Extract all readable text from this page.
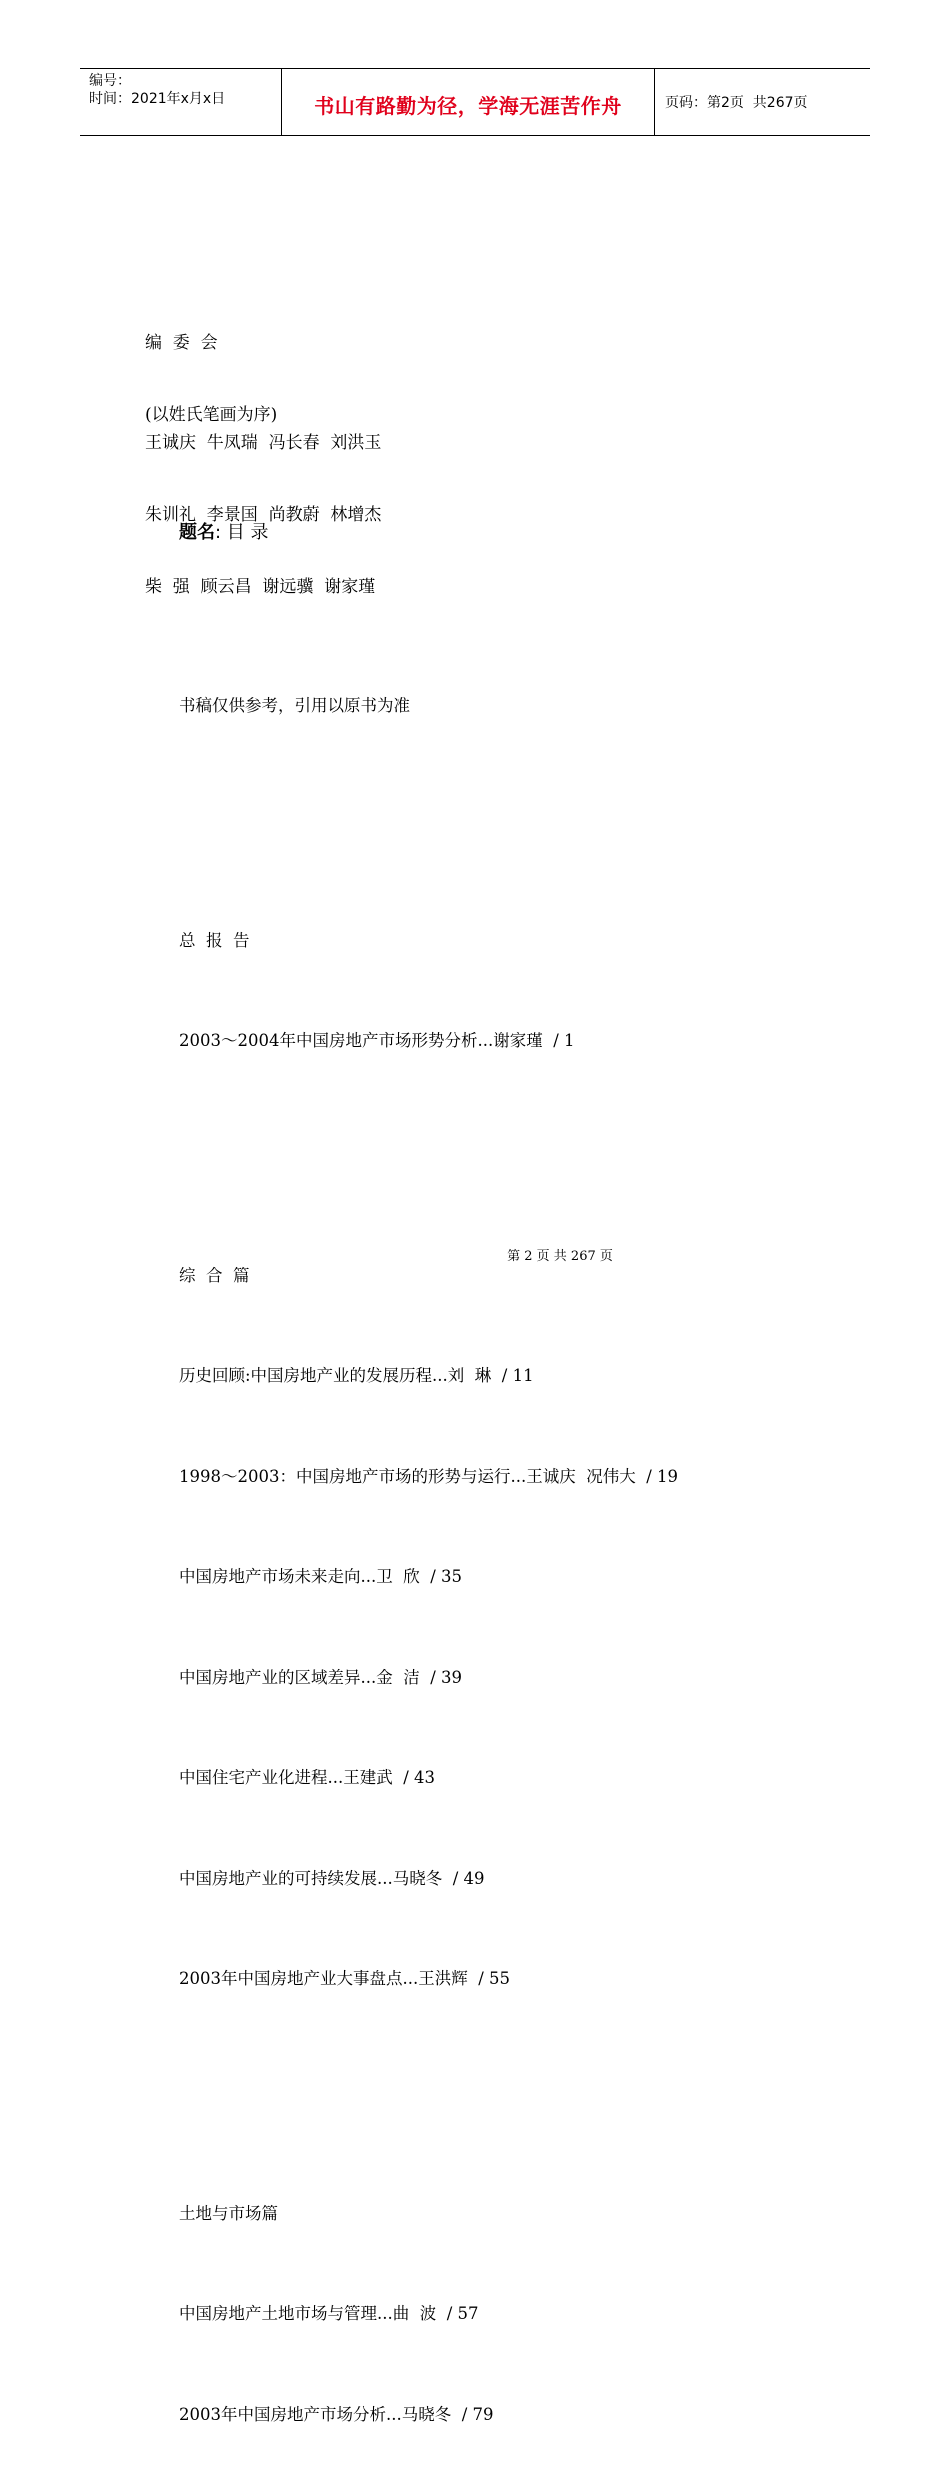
编号：
时间：2021年x月x日	书山有路勤为径，学海无涯苦作舟	页码：第2页  共267页

编  委  会

(以姓氏笔画为序)

王诚庆  牛凤瑞  冯长春  刘洪玉

朱训礼  李景国  尚教蔚  林增杰

柴  强  顾云昌  谢远骥  谢家瑾

题名: 目 录

书稿仅供参考，引用以原书为准

总  报  告

2003～2004年中国房地产市场形势分析...谢家瑾  / 1

综  合  篇

历史回顾:中国房地产业的发展历程...刘  琳  / 11

1998～2003：中国房地产市场的形势与运行...王诚庆  况伟大  / 19

中国房地产市场未来走向...卫  欣  / 35

中国房地产业的区域差异...金  洁  / 39

中国住宅产业化进程...王建武  / 43

中国房地产业的可持续发展...马晓冬  / 49

2003年中国房地产业大事盘点...王洪辉  / 55

土地与市场篇

中国房地产土地市场与管理...曲  波  / 57

2003年中国房地产市场分析...马晓冬  / 79

第 2 页 共 267 页
